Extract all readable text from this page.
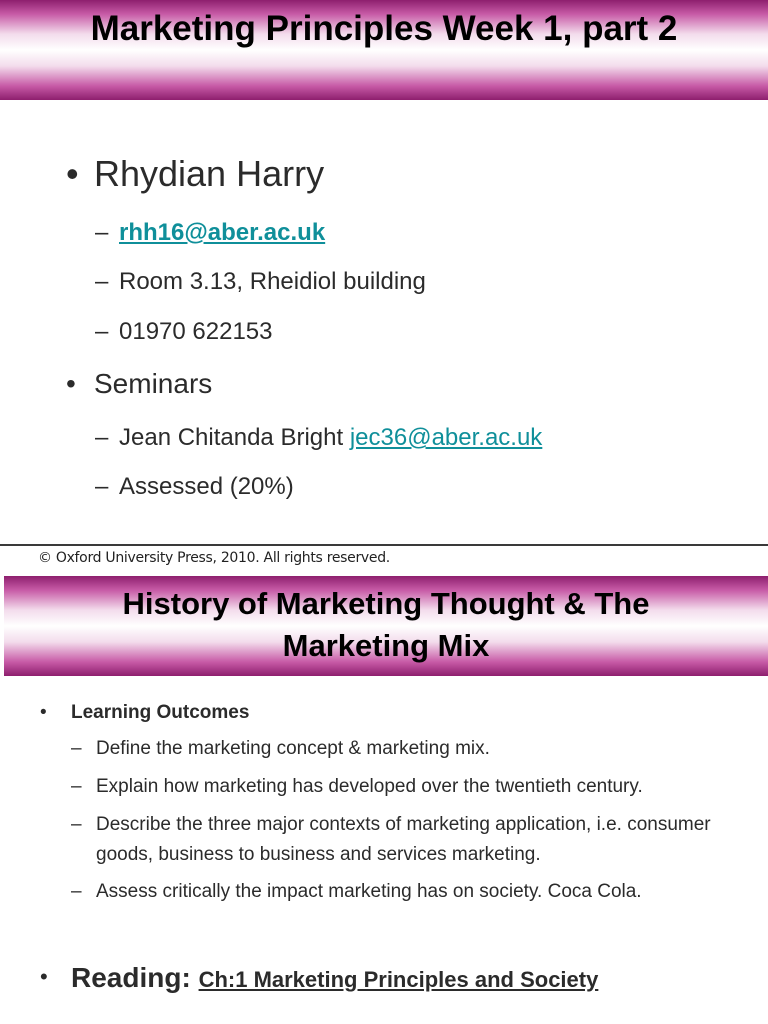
Marketing Principles Week 1, part 2
• Rhydian Harry
– rhh16@aber.ac.uk
– Room 3.13, Rheidiol building
– 01970 622153
• Seminars
– Jean Chitanda Bright jec36@aber.ac.uk
– Assessed (20%)
© Oxford University Press, 2010. All rights reserved.
History of Marketing Thought & The
Marketing Mix
• Learning Outcomes
– Define the marketing concept & marketing mix.
– Explain how marketing has developed over the twentieth century.
– Describe the three major contexts of marketing application, i.e. consumer goods, business to business and services marketing.
– Assess critically the impact marketing has on society. Coca Cola.
• Reading: Ch:1 Marketing Principles and Society
